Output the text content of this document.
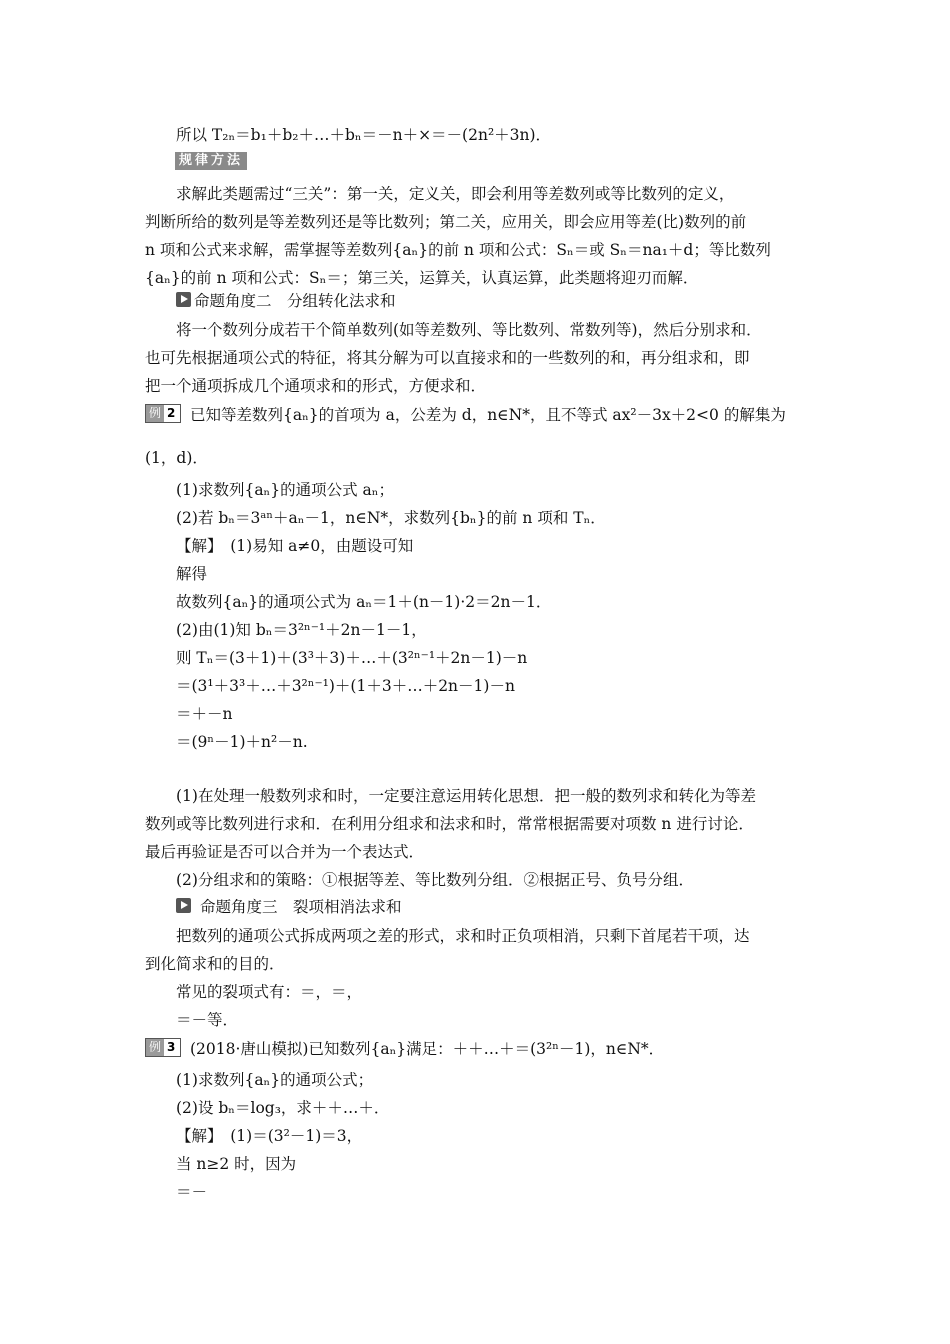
所以 T₂ₙ＝b₁＋b₂＋…＋bₙ＝－n＋×＝－(2n²＋3n)．
规律方法
求解此类题需过“三关”：第一关，定义关，即会利用等差数列或等比数列的定义，
判断所给的数列是等差数列还是等比数列；第二关，应用关，即会应用等差(比)数列的前
n 项和公式来求解，需掌握等差数列{aₙ}的前 n 项和公式：Sₙ＝或 Sₙ＝na₁＋d；等比数列
{aₙ}的前 n 项和公式：Sₙ＝；第三关，运算关，认真运算，此类题将迎刃而解．
命题角度二　分组转化法求和
将一个数列分成若干个简单数列(如等差数列、等比数列、常数列等)，然后分别求和．
也可先根据通项公式的特征，将其分解为可以直接求和的一些数列的和，再分组求和，即
把一个通项拆成几个通项求和的形式，方便求和．
例 2 已知等差数列{aₙ}的首项为 a，公差为 d，n∈N*，且不等式 ax²－3x＋2<0 的解集为
(1，d)．
(1)求数列{aₙ}的通项公式 aₙ；
(2)若 bₙ＝3ᵃⁿ＋aₙ－1，n∈N*，求数列{bₙ}的前 n 项和 Tₙ．
【解】　(1)易知 a≠0，由题设可知
解得
故数列{aₙ}的通项公式为 aₙ＝1＋(n－1)·2＝2n－1．
(2)由(1)知 bₙ＝3²ⁿ⁻¹＋2n－1－1，
则 Tₙ＝(3＋1)＋(3³＋3)＋…＋(3²ⁿ⁻¹＋2n－1)－n
＝(3¹＋3³＋…＋3²ⁿ⁻¹)＋(1＋3＋…＋2n－1)－n
＝＋－n
＝(9ⁿ－1)＋n²－n.
(1)在处理一般数列求和时，一定要注意运用转化思想．把一般的数列求和转化为等差
数列或等比数列进行求和．在利用分组求和法求和时，常常根据需要对项数 n 进行讨论．
最后再验证是否可以合并为一个表达式．
(2)分组求和的策略：①根据等差、等比数列分组．②根据正号、负号分组．
命题角度三　裂项相消法求和
把数列的通项公式拆成两项之差的形式，求和时正负项相消，只剩下首尾若干项，达
到化简求和的目的．
常见的裂项式有：＝，＝，
＝－等．
例 3 (2018·唐山模拟)已知数列{aₙ}满足：＋＋…＋＝(3²ⁿ－1)，n∈N*．
(1)求数列{aₙ}的通项公式；
(2)设 bₙ＝log₃，求＋＋…＋．
【解】　(1)＝(3²－1)＝3，
当 n≥2 时，因为
＝－
